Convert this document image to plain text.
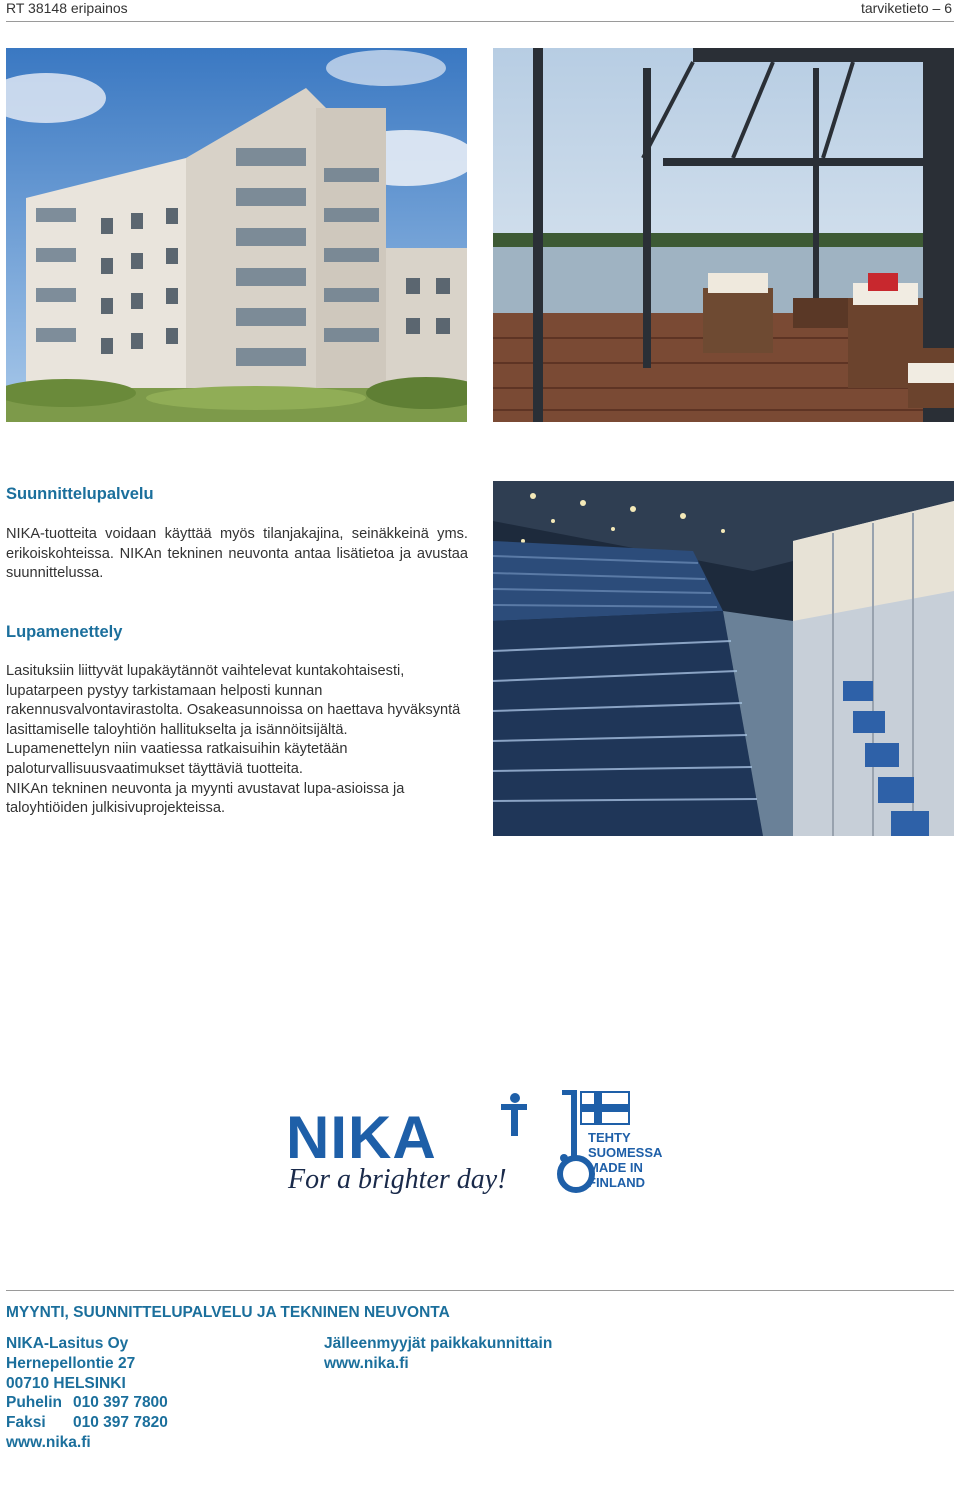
RT 38148 eripainos	tarviketieto – 6
Suunnittelupalvelu

NIKA-tuotteita voidaan käyttää myös tilanjakajina, seinäkkeinä yms. erikoiskohteissa. NIKAn tekninen neuvonta antaa lisätietoa ja avustaa suunnittelussa.

Lupamenettely

Lasituksiin liittyvät lupakäytännöt vaihtelevat kuntakohtaisesti, lupatarpeen pystyy tarkistamaan helposti kunnan rakennusvalvontavirastolta. Osakeasunnoissa on haettava hyväksyntä lasittamiselle taloyhtiön hallitukselta ja isännöitsijältä.

Lupamenettelyn niin vaatiessa ratkaisuihin käytetään paloturvallisuusvaatimukset täyttäviä tuotteita.

NIKAn tekninen neuvonta ja myynti avustavat lupa-asioissa ja taloyhtiöiden julkisivuprojekteissa.

NIKA
For a brighter day!
TEHTY SUOMESSA
MADE IN FINLAND
MYYNTI, SUUNNITTELUPALVELU JA TEKNINEN NEUVONTA
NIKA-Lasitus Oy
Hernepellontie 27
00710 HELSINKI
Puhelin 010 397 7800
Faksi 010 397 7820
www.nika.fi
Jälleenmyyjät paikkakunnittain
www.nika.fi
